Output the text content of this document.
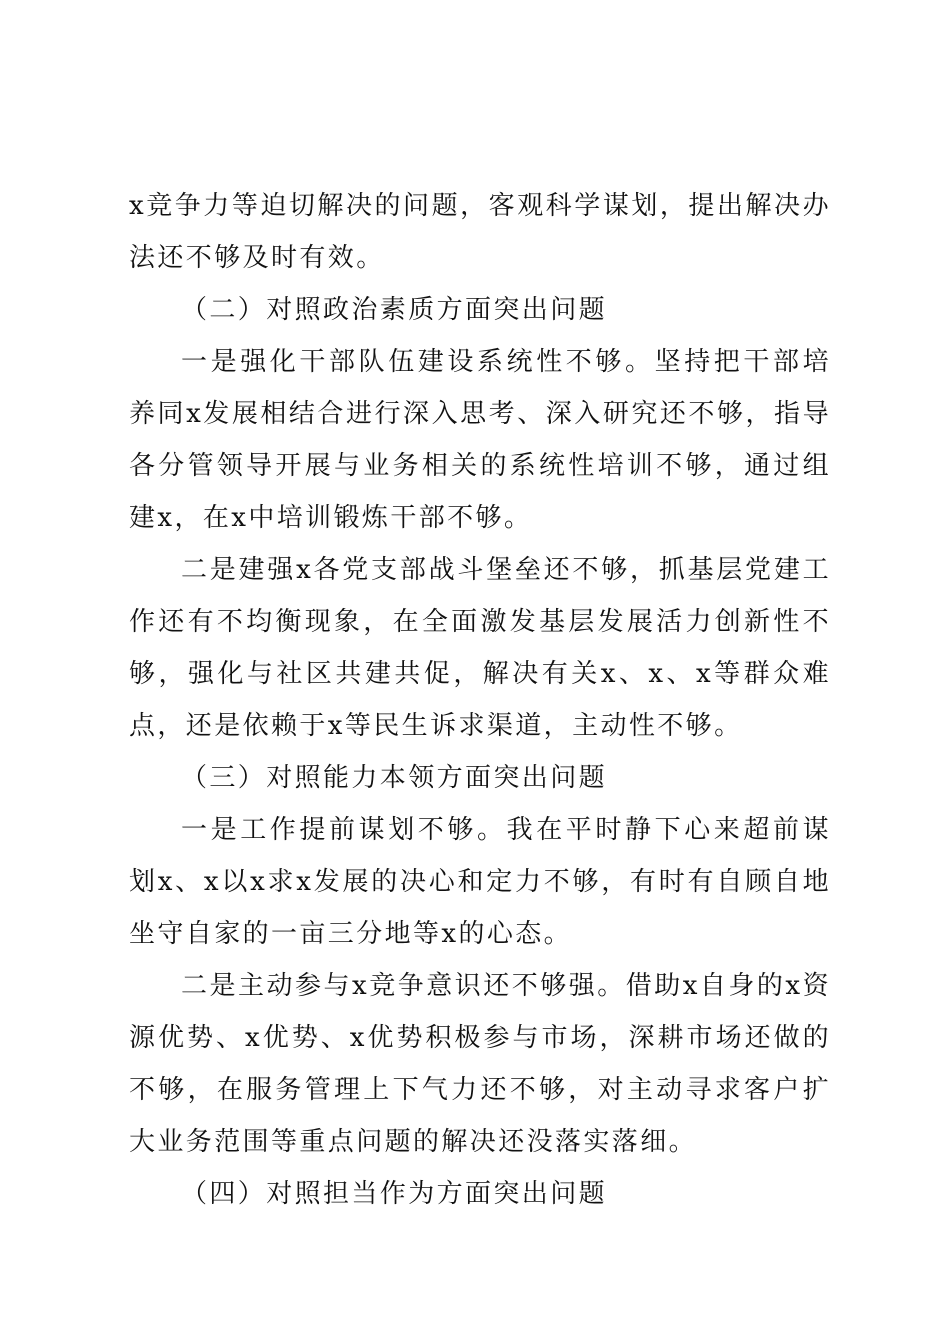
x竞争力等迫切解决的问题，客观科学谋划，提出解决办法还不够及时有效。

（二）对照政治素质方面突出问题

一是强化干部队伍建设系统性不够。坚持把干部培养同x发展相结合进行深入思考、深入研究还不够，指导各分管领导开展与业务相关的系统性培训不够，通过组建x，在x中培训锻炼干部不够。

二是建强x各党支部战斗堡垒还不够，抓基层党建工作还有不均衡现象，在全面激发基层发展活力创新性不够，强化与社区共建共促，解决有关x、x、x等群众难点，还是依赖于x等民生诉求渠道，主动性不够。

（三）对照能力本领方面突出问题

一是工作提前谋划不够。我在平时静下心来超前谋划x、x以x求x发展的决心和定力不够，有时有自顾自地坐守自家的一亩三分地等x的心态。

二是主动参与x竞争意识还不够强。借助x自身的x资源优势、x优势、x优势积极参与市场，深耕市场还做的不够，在服务管理上下气力还不够，对主动寻求客户扩大业务范围等重点问题的解决还没落实落细。

（四）对照担当作为方面突出问题
